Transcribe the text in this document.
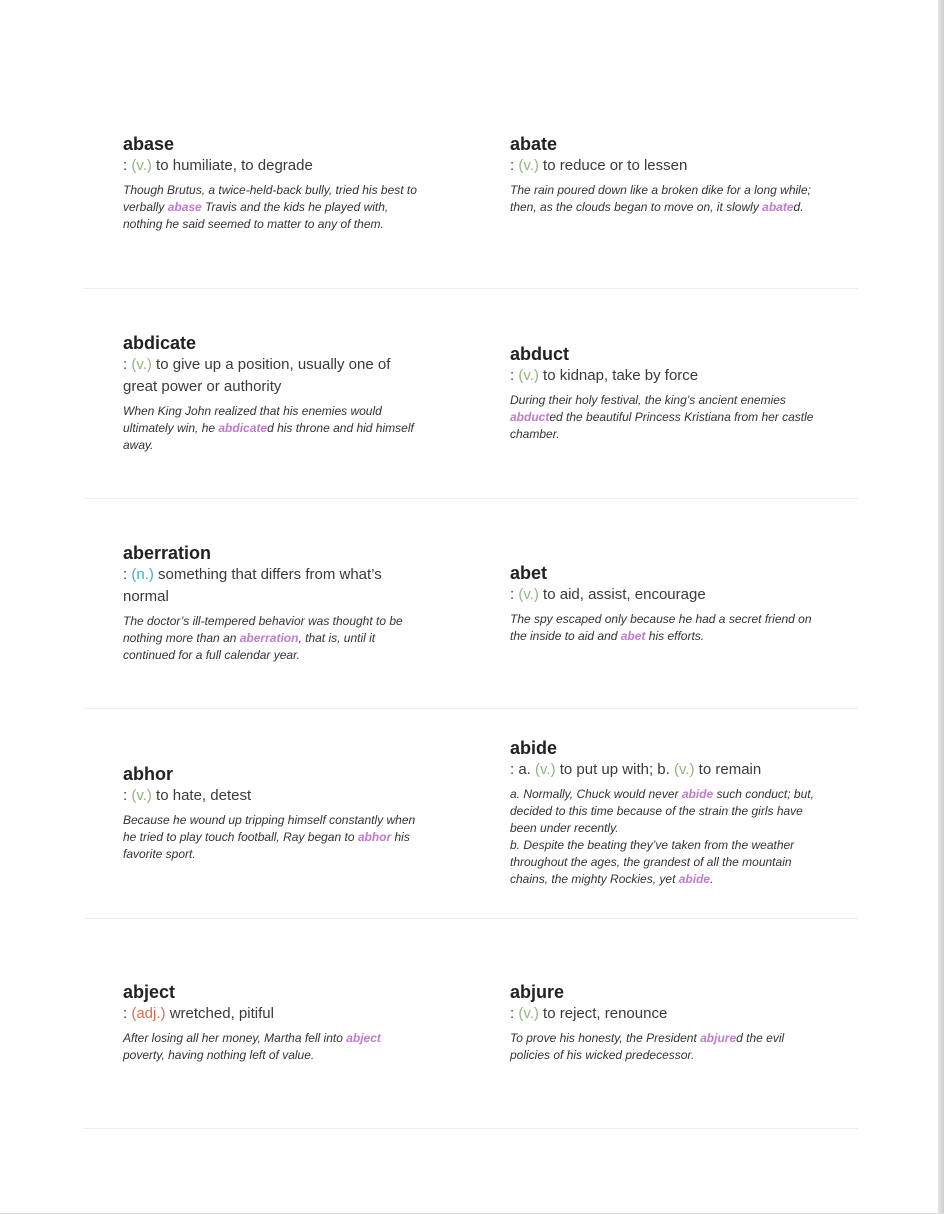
abase
: (v.) to humiliate, to degrade
Though Brutus, a twice-held-back bully, tried his best to verbally abase Travis and the kids he played with, nothing he said seemed to matter to any of them.
abate
: (v.) to reduce or to lessen
The rain poured down like a broken dike for a long while; then, as the clouds began to move on, it slowly abated.
abdicate
: (v.) to give up a position, usually one of great power or authority
When King John realized that his enemies would ultimately win, he abdicated his throne and hid himself away.
abduct
: (v.) to kidnap, take by force
During their holy festival, the king’s ancient enemies abducted the beautiful Princess Kristiana from her castle chamber.
aberration
: (n.) something that differs from what’s normal
The doctor’s ill-tempered behavior was thought to be nothing more than an aberration, that is, until it continued for a full calendar year.
abet
: (v.) to aid, assist, encourage
The spy escaped only because he had a secret friend on the inside to aid and abet his efforts.
abhor
: (v.) to hate, detest
Because he wound up tripping himself constantly when he tried to play touch football, Ray began to abhor his favorite sport.
abide
: a. (v.) to put up with; b. (v.) to remain
a. Normally, Chuck would never abide such conduct; but, decided to this time because of the strain the girls have been under recently.
b. Despite the beating they’ve taken from the weather throughout the ages, the grandest of all the mountain chains, the mighty Rockies, yet abide.
abject
: (adj.) wretched, pitiful
After losing all her money, Martha fell into abject poverty, having nothing left of value.
abjure
: (v.) to reject, renounce
To prove his honesty, the President abjured the evil policies of his wicked predecessor.
